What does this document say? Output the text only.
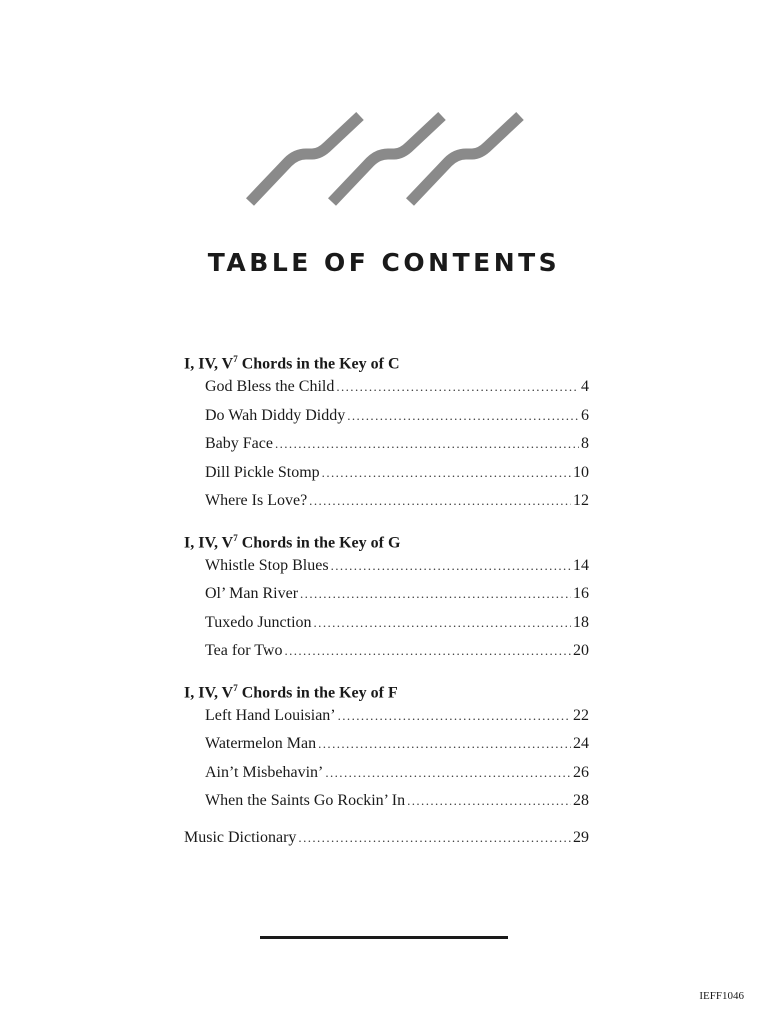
TABLE OF CONTENTS
I, IV, $V^7$ Chords in the Key of C
God Bless the Child .....	4
Do Wah Diddy Diddy .....	6
Baby Face .....	8
Dill Pickle Stomp .....	10
Where Is Love? .....	12
I, IV, $V^7$ Chords in the Key of G
Whistle Stop Blues .....	14
Ol’ Man River .....	16
Tuxedo Junction .....	18
Tea for Two .....	20
I, IV, $V^7$ Chords in the Key of F
Left Hand Louisian’ .....	22
Watermelon Man .....	24
Ain’t Misbehavin’ .....	26
When the Saints Go Rockin’ In .....	28
Music Dictionary .....	29
IEFF1046
